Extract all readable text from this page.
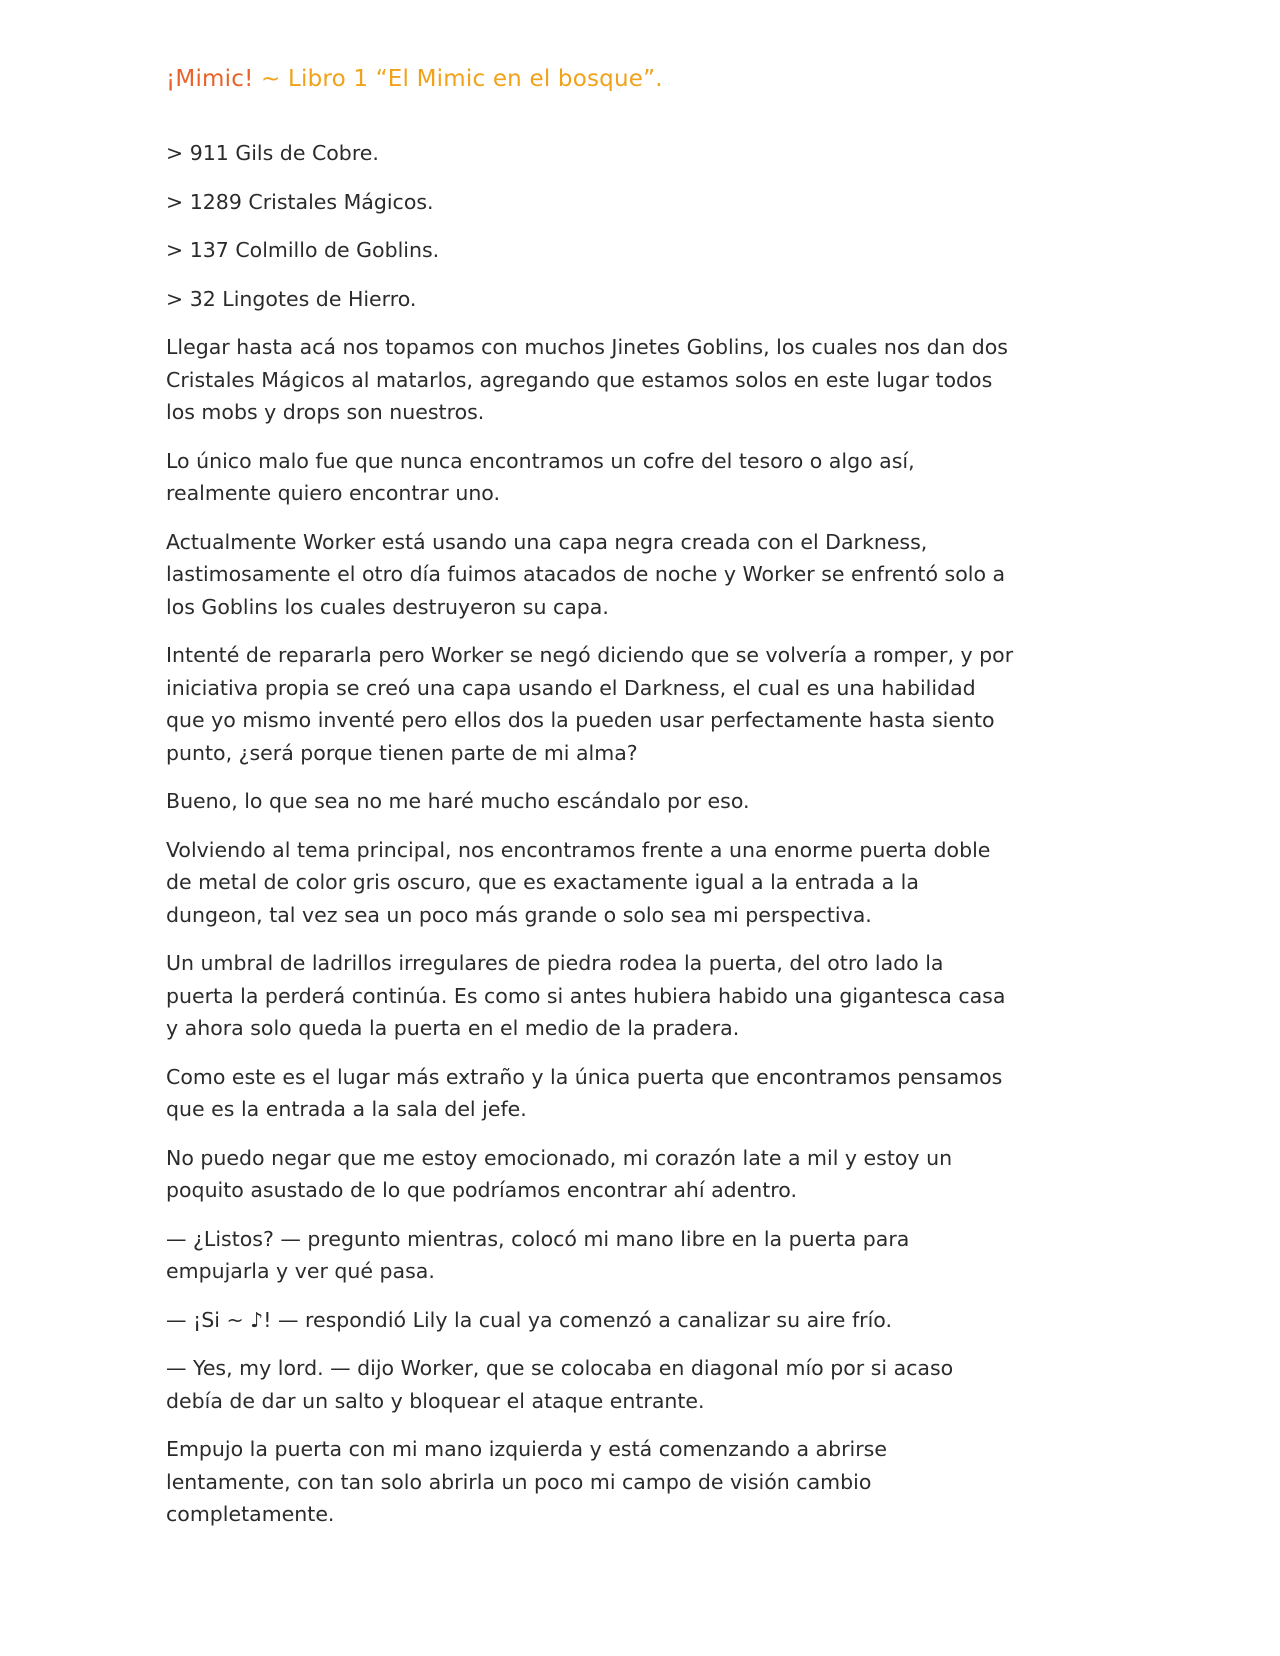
¡Mimic! ~ Libro 1 “El Mimic en el bosque”.

> 911 Gils de Cobre.

> 1289 Cristales Mágicos.

> 137 Colmillo de Goblins.

> 32 Lingotes de Hierro.

Llegar hasta acá nos topamos con muchos Jinetes Goblins, los cuales nos dan dos Cristales Mágicos al matarlos, agregando que estamos solos en este lugar todos los mobs y drops son nuestros.

Lo único malo fue que nunca encontramos un cofre del tesoro o algo así, realmente quiero encontrar uno.

Actualmente Worker está usando una capa negra creada con el Darkness, lastimosamente el otro día fuimos atacados de noche y Worker se enfrentó solo a los Goblins los cuales destruyeron su capa.

Intenté de repararla pero Worker se negó diciendo que se volvería a romper, y por iniciativa propia se creó una capa usando el Darkness, el cual es una habilidad que yo mismo inventé pero ellos dos la pueden usar perfectamente hasta siento punto, ¿será porque tienen parte de mi alma?

Bueno, lo que sea no me haré mucho escándalo por eso.

Volviendo al tema principal, nos encontramos frente a una enorme puerta doble de metal de color gris oscuro, que es exactamente igual a la entrada a la dungeon, tal vez sea un poco más grande o solo sea mi perspectiva.

Un umbral de ladrillos irregulares de piedra rodea la puerta, del otro lado la puerta la perderá continúa. Es como si antes hubiera habido una gigantesca casa y ahora solo queda la puerta en el medio de la pradera.

Como este es el lugar más extraño y la única puerta que encontramos pensamos que es la entrada a la sala del jefe.

No puedo negar que me estoy emocionado, mi corazón late a mil y estoy un poquito asustado de lo que podríamos encontrar ahí adentro.

— ¿Listos? — pregunto mientras, colocó mi mano libre en la puerta para empujarla y ver qué pasa.

— ¡Si ~ ♪! — respondió Lily la cual ya comenzó a canalizar su aire frío.

— Yes, my lord. — dijo Worker, que se colocaba en diagonal mío por si acaso debía de dar un salto y bloquear el ataque entrante.

Empujo la puerta con mi mano izquierda y está comenzando a abrirse lentamente, con tan solo abrirla un poco mi campo de visión cambio completamente.
